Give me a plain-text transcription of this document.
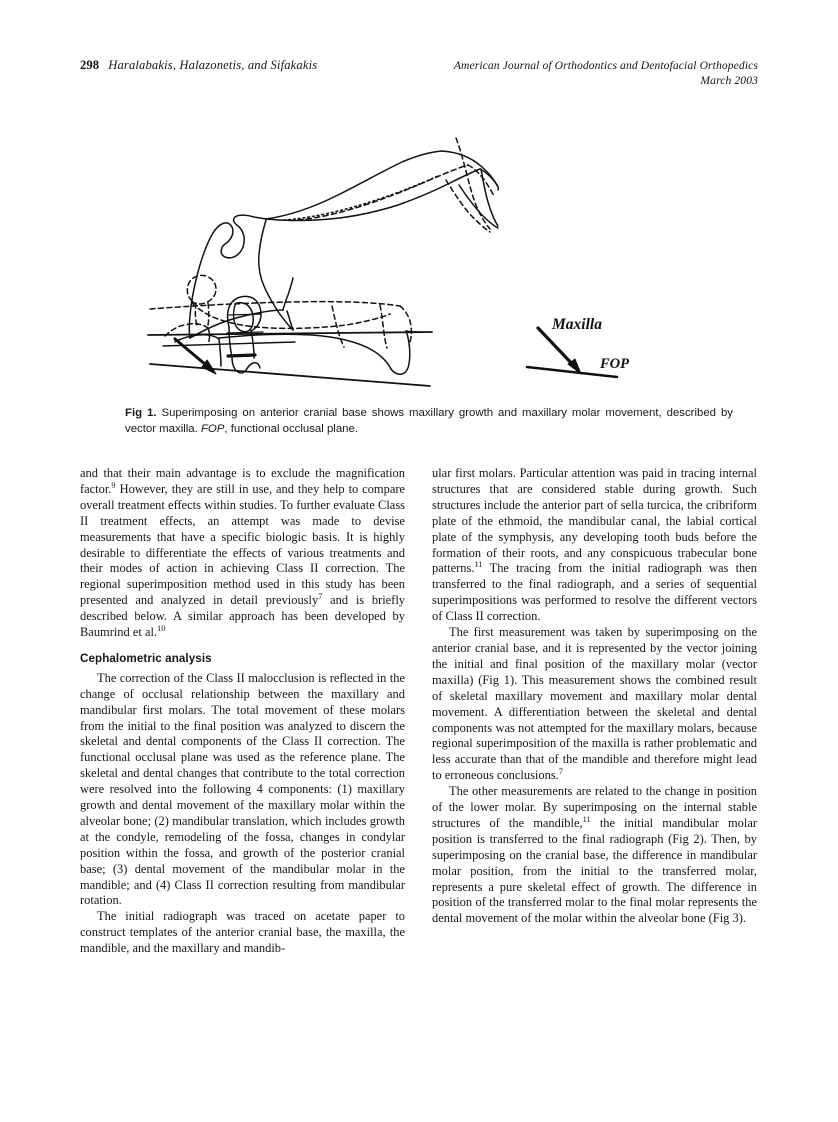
298 Haralabakis, Halazonetis, and Sifakakis	American Journal of Orthodontics and Dentofacial Orthopedics
March 2003
Maxilla
FOP
Fig 1. Superimposing on anterior cranial base shows maxillary growth and maxillary molar movement, described by vector maxilla. FOP, functional occlusal plane.

and that their main advantage is to exclude the magnification factor.$^9$ However, they are still in use, and they help to compare overall treatment effects within studies. To further evaluate Class II treatment effects, an attempt was made to devise measurements that have a specific biologic basis. It is highly desirable to differentiate the effects of various treatments and their modes of action in achieving Class II correction. The regional superimposition method used in this study has been presented and analyzed in detail previously$^7$ and is briefly described below. A similar approach has been developed by Baumrind et al.$^{10}$

Cephalometric analysis

The correction of the Class II malocclusion is reflected in the change of occlusal relationship between the maxillary and mandibular first molars. The total movement of these molars from the initial to the final position was analyzed to discern the skeletal and dental components of the Class II correction. The functional occlusal plane was used as the reference plane. The skeletal and dental changes that contribute to the total correction were resolved into the following 4 components: (1) maxillary growth and dental movement of the maxillary molar within the alveolar bone; (2) mandibular translation, which includes growth at the condyle, remodeling of the fossa, changes in condylar position within the fossa, and growth of the posterior cranial base; (3) dental movement of the mandibular molar in the mandible; and (4) Class II correction resulting from mandibular rotation.

The initial radiograph was traced on acetate paper to construct templates of the anterior cranial base, the maxilla, the mandible, and the maxillary and mandib-

ular first molars. Particular attention was paid in tracing internal structures that are considered stable during growth. Such structures include the anterior part of sella turcica, the cribriform plate of the ethmoid, the mandibular canal, the labial cortical plate of the symphysis, any developing tooth buds before the formation of their roots, and any conspicuous trabecular bone patterns.$^{11}$ The tracing from the initial radiograph was then transferred to the final radiograph, and a series of sequential superimpositions was performed to resolve the different vectors of Class II correction.

The first measurement was taken by superimposing on the anterior cranial base, and it is represented by the vector joining the initial and final position of the maxillary molar (vector maxilla) (Fig 1). This measurement shows the combined result of skeletal maxillary movement and maxillary molar dental movement. A differentiation between the skeletal and dental components was not attempted for the maxillary molars, because regional superimposition of the maxilla is rather problematic and less accurate than that of the mandible and therefore might lead to erroneous conclusions.$^7$

The other measurements are related to the change in position of the lower molar. By superimposing on the internal stable structures of the mandible,$^{11}$ the initial mandibular molar position is transferred to the final radiograph (Fig 2). Then, by superimposing on the cranial base, the difference in mandibular molar position, from the initial to the transferred molar, represents a pure skeletal effect of growth. The difference in position of the transferred molar to the final molar represents the dental movement of the molar within the alveolar bone (Fig 3).
